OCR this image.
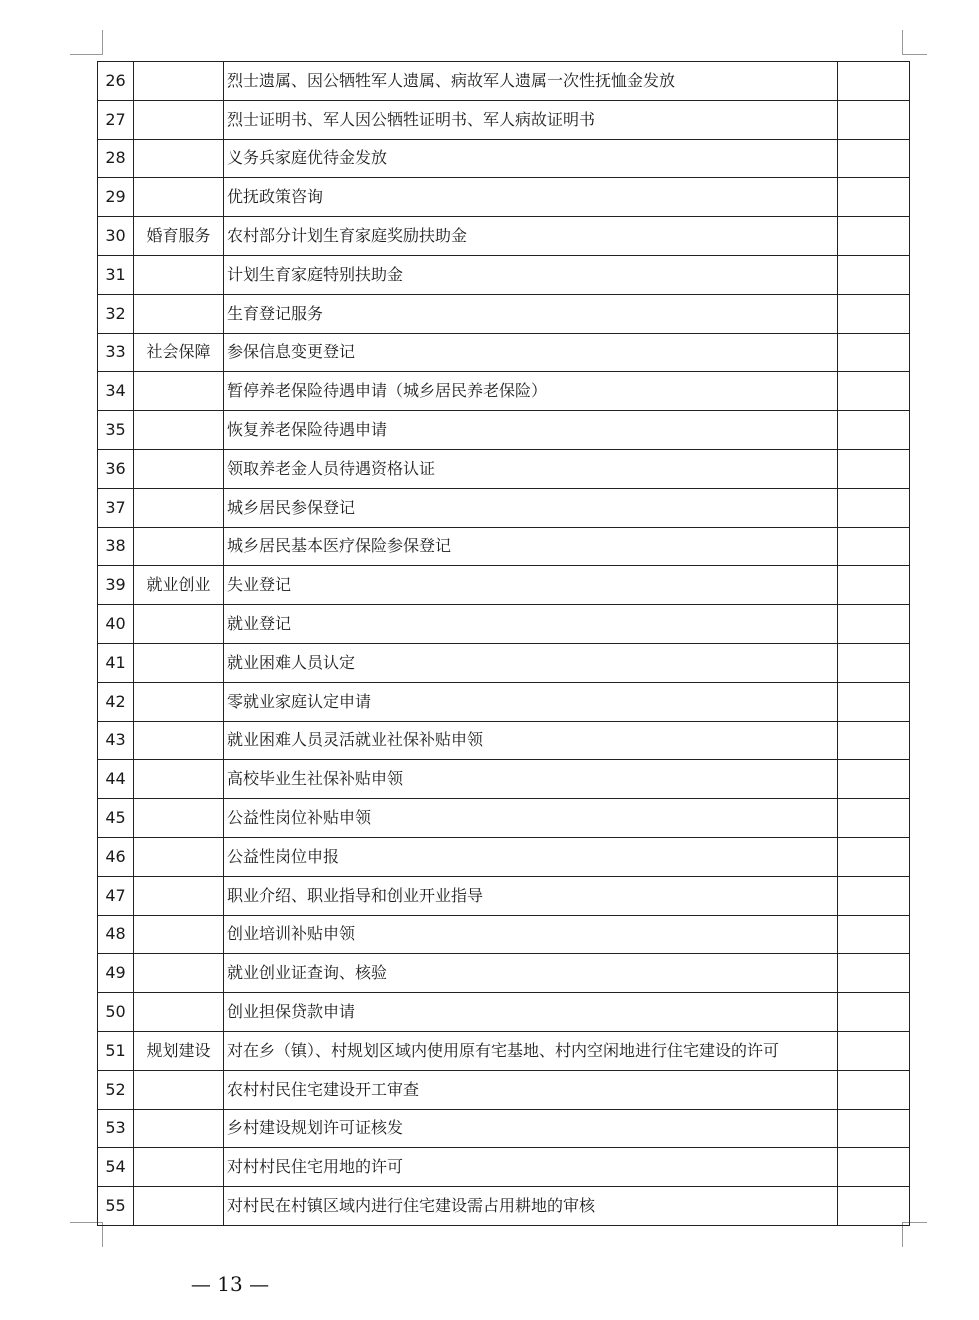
26		烈士遗属、因公牺牲军人遗属、病故军人遗属一次性抚恤金发放	
27		烈士证明书、军人因公牺牲证明书、军人病故证明书	
28		义务兵家庭优待金发放	
29		优抚政策咨询	
30	婚育服务	农村部分计划生育家庭奖励扶助金	
31		计划生育家庭特别扶助金	
32		生育登记服务	
33	社会保障	参保信息变更登记	
34		暂停养老保险待遇申请（城乡居民养老保险）	
35		恢复养老保险待遇申请	
36		领取养老金人员待遇资格认证	
37		城乡居民参保登记	
38		城乡居民基本医疗保险参保登记	
39	就业创业	失业登记	
40		就业登记	
41		就业困难人员认定	
42		零就业家庭认定申请	
43		就业困难人员灵活就业社保补贴申领	
44		高校毕业生社保补贴申领	
45		公益性岗位补贴申领	
46		公益性岗位申报	
47		职业介绍、职业指导和创业开业指导	
48		创业培训补贴申领	
49		就业创业证查询、核验	
50		创业担保贷款申请	
51	规划建设	对在乡（镇）、村规划区域内使用原有宅基地、村内空闲地进行住宅建设的许可	
52		农村村民住宅建设开工审查	
53		乡村建设规划许可证核发	
54		对村村民住宅用地的许可	
55		对村民在村镇区域内进行住宅建设需占用耕地的审核	
— 13 —
